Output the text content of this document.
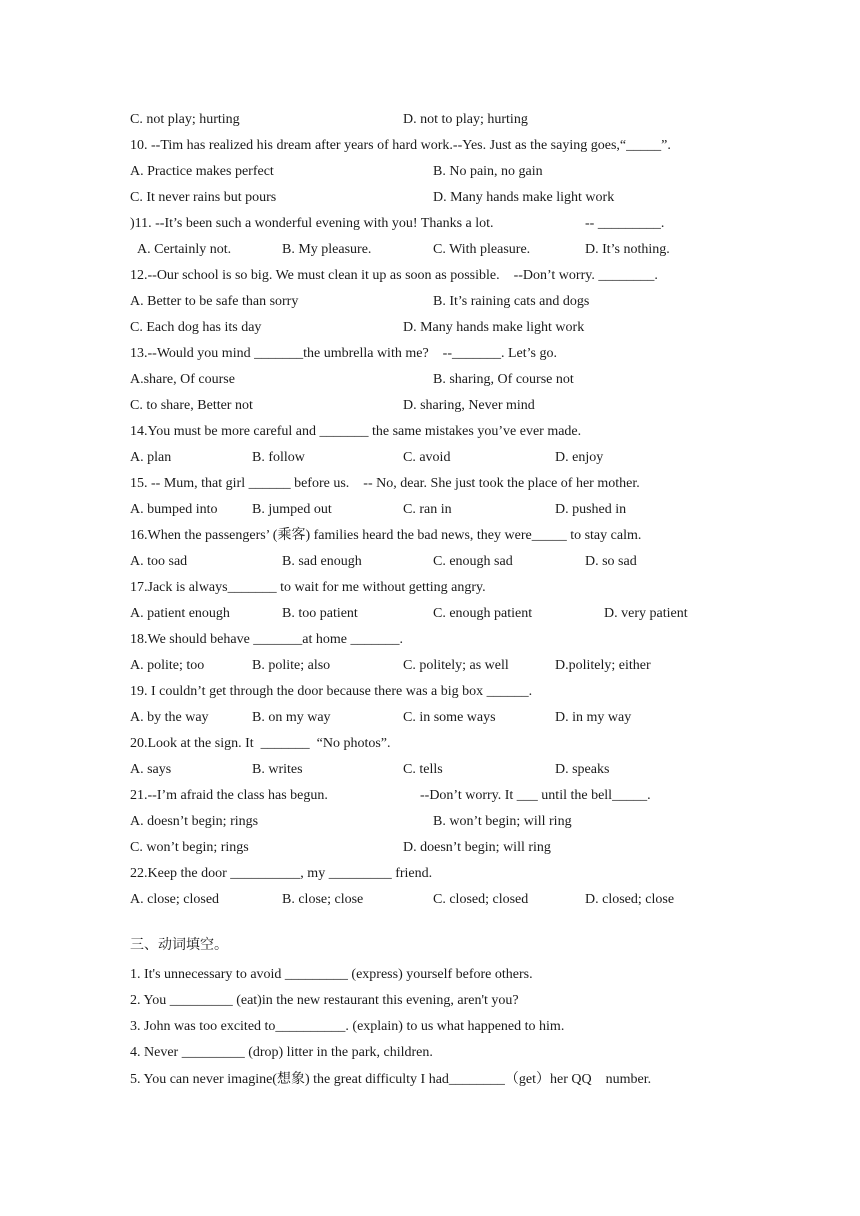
C. not play; hurting

	D. not to play; hurting

10. --Tim has realized his dream after years of hard work.--Yes. Just as the saying goes,“_____”.

A. Practice makes perfect

	B. No pain, no gain

C. It never rains but pours

	D. Many hands make light work

)11. --It’s been such a wonderful evening with you! Thanks a lot.

	-- _________.

A. Certainly not.

	B. My pleasure.

	C. With pleasure.

	D. It’s nothing.

12.--Our school is so big. We must clean it up as soon as possible.    --Don’t worry. ________.

A. Better to be safe than sorry

	B. It’s raining cats and dogs

C. Each dog has its day

	D. Many hands make light work

13.--Would you mind _______the umbrella with me?    --_______. Let’s go.

A.share, Of course

	B. sharing, Of course not

C. to share, Better not

	D. sharing, Never mind

14.You must be more careful and _______ the same mistakes you’ve ever made.

A. plan

	B. follow

	C. avoid

	D. enjoy

15. -- Mum, that girl ______ before us.    -- No, dear. She just took the place of her mother.

A. bumped into

B. jumped out

	C. ran in

	D. pushed in

16.When the passengers’ (乘客) families heard the bad news, they were_____ to stay calm.

A. too sad

	B. sad enough

	C. enough sad

	D. so sad

17.Jack is always_______ to wait for me without getting angry.

A. patient enough

	B. too patient

	C. enough patient

	D. very patient

18.We should behave _______at home _______.

A. polite; too

	B. polite; also

	C. politely; as well

	D.politely; either

19. I couldn’t get through the door because there was a big box ______.

A. by the way

	B. on my way

	C. in some ways

	D. in my way

20.Look at the sign. It  _______  “No photos”.

A. says

	B. writes

	C. tells

	D. speaks

21.--I’m afraid the class has begun.

	--Don’t worry. It ___ until the bell_____.

A. doesn’t begin; rings

	B. won’t begin; will ring

C. won’t begin; rings

	D. doesn’t begin; will ring

22.Keep the door __________, my _________ friend.

A. close; closed

	B. close; close

	C. closed; closed

	D. closed; close

三、动词填空。

1. It's unnecessary to avoid _________ (express) yourself before others.

2. You _________ (eat)in the new restaurant this evening, aren't you?

3. John was too excited to__________. (explain) to us what happened to him.

4. Never _________ (drop) litter in the park, children.

5. You can never imagine(想象) the great difficulty I had________（get）her QQ    number.
